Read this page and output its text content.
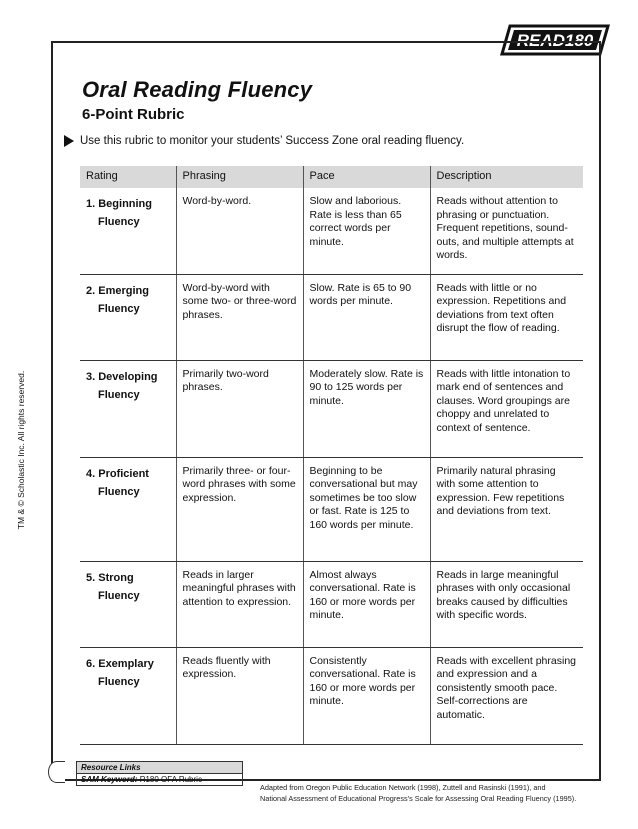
READ180
TM & © Scholastic Inc. All rights reserved.
Oral Reading Fluency
6-Point Rubric
Use this rubric to monitor your students’ Success Zone oral reading fluency.
Rating	Phrasing	Pace	Description

1. Beginning
Fluency	Word-by-word.	Slow and laborious. Rate is less than 65 correct words per minute.	Reads without attention to phrasing or punctuation. Frequent repetitions, sound-outs, and multiple attempts at words.

2. Emerging
Fluency	Word-by-word with some two- or three-word phrases.	Slow. Rate is 65 to 90 words per minute.	Reads with little or no expression. Repetitions and deviations from text often disrupt the flow of reading.

3. Developing
Fluency	Primarily two-word phrases.	Moderately slow. Rate is 90 to 125 words per minute.	Reads with little intonation to mark end of sentences and clauses. Word groupings are choppy and unrelated to context of sentence.

4. Proficient
Fluency	Primarily three- or four-word phrases with some expression.	Beginning to be conversational but may sometimes be too slow or fast. Rate is 125 to 160 words per minute.	Primarily natural phrasing with some attention to expression. Few repetitions and deviations from text.

5. Strong
Fluency	Reads in larger meaningful phrases with attention to expression.	Almost always conversational. Rate is 160 or more words per minute.	Reads in large meaningful phrases with only occasional breaks caused by difficulties with specific words.

6. Exemplary
Fluency	Reads fluently with expression.	Consistently conversational. Rate is 160 or more words per minute.	Reads with excellent phrasing and expression and a consistently smooth pace. Self-corrections are automatic.
Resource Links
SAM Keyword: R180 OFA Rubric
Adapted from Oregon Public Education Network (1998), Zuttell and Rasinski (1991), and
National Assessment of Educational Progress’s Scale for Assessing Oral Reading Fluency (1995).
